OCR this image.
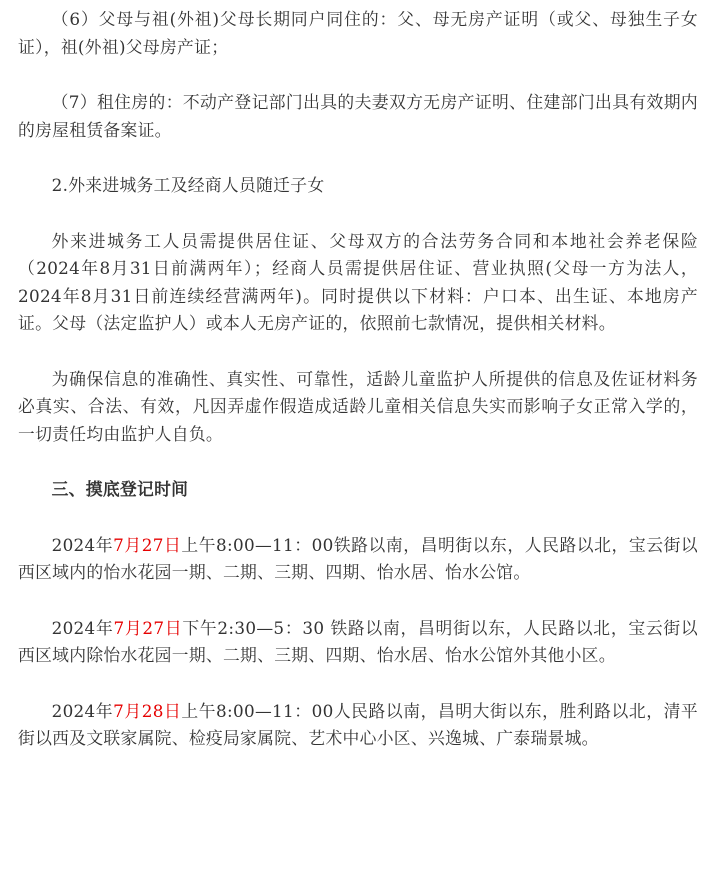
（6）父母与祖(外祖)父母长期同户同住的：父、母无房产证明（或父、母独生子女证），祖(外祖)父母房产证；

（7）租住房的：不动产登记部门出具的夫妻双方无房产证明、住建部门出具有效期内的房屋租赁备案证。

2.外来进城务工及经商人员随迁子女

外来进城务工人员需提供居住证、父母双方的合法劳务合同和本地社会养老保险（2024年8月31日前满两年）；经商人员需提供居住证、营业执照(父母一方为法人，2024年8月31日前连续经营满两年)。同时提供以下材料：户口本、出生证、本地房产证。父母（法定监护人）或本人无房产证的，依照前七款情况，提供相关材料。

为确保信息的准确性、真实性、可靠性，适龄儿童监护人所提供的信息及佐证材料务必真实、合法、有效，凡因弄虚作假造成适龄儿童相关信息失实而影响子女正常入学的，一切责任均由监护人自负。

三、摸底登记时间

2024年7月27日上午8:00—11：00铁路以南，昌明街以东，人民路以北，宝云街以西区域内的怡水花园一期、二期、三期、四期、怡水居、怡水公馆。

2024年7月27日下午2:30—5：30 铁路以南，昌明街以东，人民路以北，宝云街以西区域内除怡水花园一期、二期、三期、四期、怡水居、怡水公馆外其他小区。

2024年7月28日上午8:00—11：00人民路以南，昌明大街以东，胜利路以北，清平街以西及文联家属院、检疫局家属院、艺术中心小区、兴逸城、广泰瑞景城。
